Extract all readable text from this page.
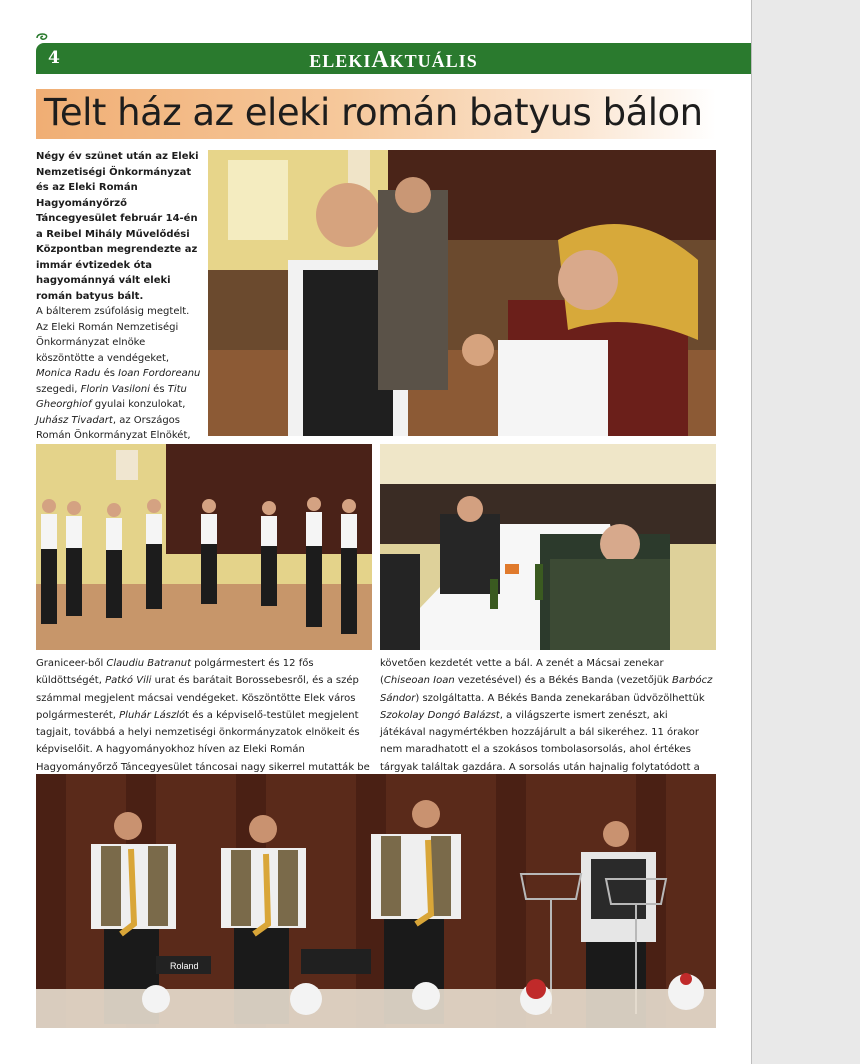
4	ELEKIAKTUÁLIS
Telt ház az eleki román batyus bálon
Négy év szünet után az Eleki Nemzetiségi Önkormányzat és az Eleki Román Hagyományőrző Táncegyesület február 14-én a Reibel Mihály Művelődési Központban megrendezte az immár évtizedek óta hagyománnyá vált eleki román batyus bált.
A bálterem zsúfolásig megtelt.
Az Eleki Román Nemzetiségi Önkormányzat elnöke köszöntötte a vendégeket, Monica Radu és Ioan Fordoreanu szegedi, Florin Vasiloni és Titu Gheorghiof gyulai konzulokat, Juhász Tivadart, az Országos Román Önkormányzat Elnökét,
Graniceer-ből Claudiu Batranut polgármestert és 12 fős küldöttségét, Patkó Vili urat és barátait Borossebesről, és a szép számmal megjelent mácsai vendégeket. Köszöntötte Elek város polgármesterét, Pluhár Lászlót és a képviselő-testület megjelent tagjait, továbbá a helyi nemzetiségi önkormányzatok elnökeit és képviselőit. A hagyományokhoz híven az Eleki Román Hagyományőrző Táncegyesület táncosai nagy sikerrel mutatták be
követően kezdetét vette a bál. A zenét a Mácsai zenekar (Chiseoan Ioan vezetésével) és a Békés Banda (vezetőjük Barbócz Sándor) szolgáltatta. A Békés Banda zenekarában üdvözölhettük Szokolay Dongó Balázst, a világszerte ismert zenészt, aki játékával nagymértékben hozzájárult a bál sikeréhez. 11 órakor nem maradhatott el a szokásos tombolasorsolás, ahol értékes tárgyak találtak gazdára. A sorsolás után hajnalig folytatódott a
Roland
